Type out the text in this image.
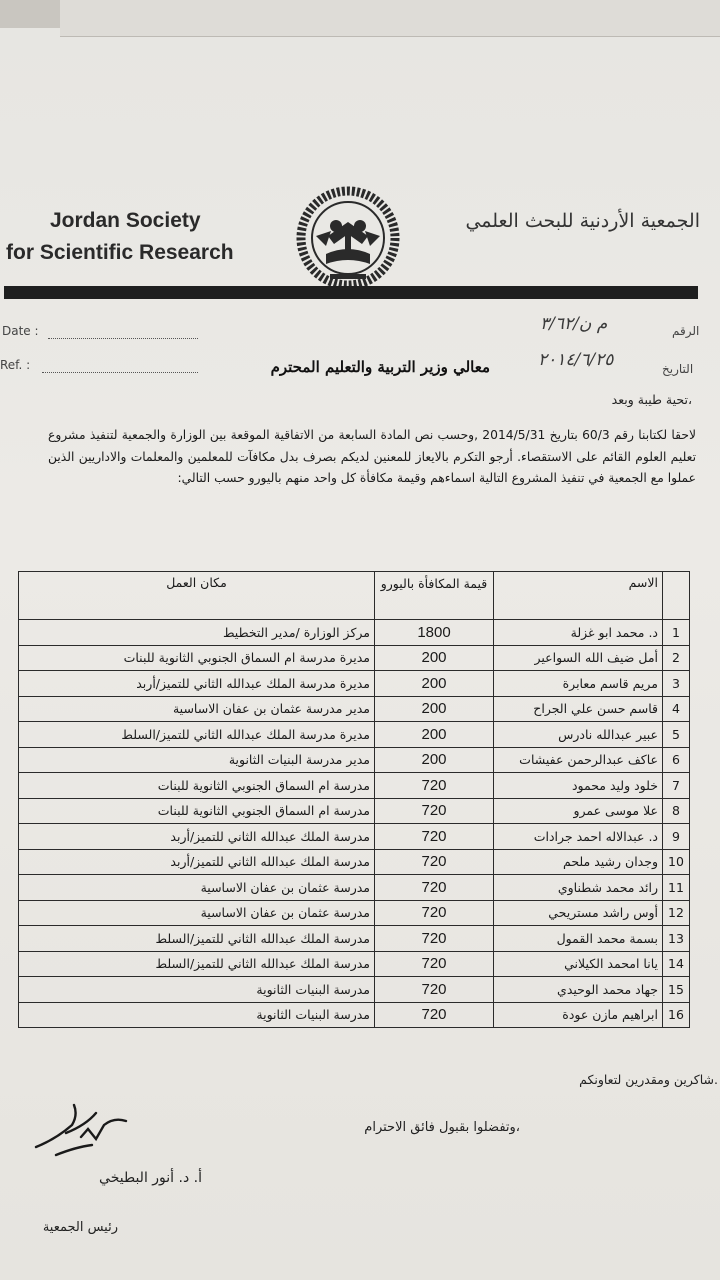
Jordan Society
for Scientific Research
الجمعية الأردنية للبحث العلمي
Date :
Ref. :
الرقم
م ن/٣/٦٢
التاريخ
٢٠١٤/٦/٢٥
معالي وزير التربية والتعليم المحترم
تحية طيبة وبعد،
لاحقا لكتابنا رقم 60/3 بتاريخ 2014/5/31 ,وحسب نص المادة السابعة من الاتفاقية الموقعة بين الوزارة والجمعية لتنفيذ مشروع تعليم العلوم القائم على الاستقصاء. أرجو التكرم بالايعاز للمعنين لديكم بصرف بدل مكافآت للمعلمين والمعلمات والاداريين الذين عملوا مع الجمعية في تنفيذ المشروع التالية اسماءهم وقيمة مكافأة كل واحد منهم باليورو حسب التالي:
	الاسم	قيمة المكافأة باليورو	مكان العمل
1	د. محمد ابو غزلة	1800	مركز الوزارة /مدير التخطيط
2	أمل ضيف الله السواعير	200	مديرة مدرسة ام السماق الجنوبي الثانوية للبنات
3	مريم قاسم معابرة	200	مديرة مدرسة الملك عبدالله الثاني للتميز/أربد
4	قاسم حسن علي الجراح	200	مدير مدرسة عثمان بن عفان الاساسية
5	عبير عبدالله نادرس	200	مديرة مدرسة الملك عبدالله الثاني للتميز/السلط
6	عاكف عبدالرحمن عفيشات	200	مدير مدرسة البنيات الثانوية
7	خلود وليد محمود	720	مدرسة ام السماق الجنوبي الثانوية للبنات
8	علا موسى عمرو	720	مدرسة ام السماق الجنوبي الثانوية للبنات
9	د. عبدالاله احمد جرادات	720	مدرسة الملك عبدالله الثاني للتميز/أربد
10	وجدان رشيد ملحم	720	مدرسة الملك عبدالله الثاني للتميز/أربد
11	رائد محمد شطناوي	720	مدرسة عثمان بن عفان الاساسية
12	أوس راشد مستريحي	720	مدرسة عثمان بن عفان الاساسية
13	بسمة محمد القمول	720	مدرسة الملك عبدالله الثاني للتميز/السلط
14	يانا امحمد الكيلاني	720	مدرسة الملك عبدالله الثاني للتميز/السلط
15	جهاد محمد الوحيدي	720	مدرسة البنيات الثانوية
16	ابراهيم مازن عودة	720	مدرسة البنيات الثانوية
شاكرين ومقدرين لتعاونكم.
وتفضلوا بقبول فائق الاحترام،
أ. د. أنور البطيخي
رئيس الجمعية
